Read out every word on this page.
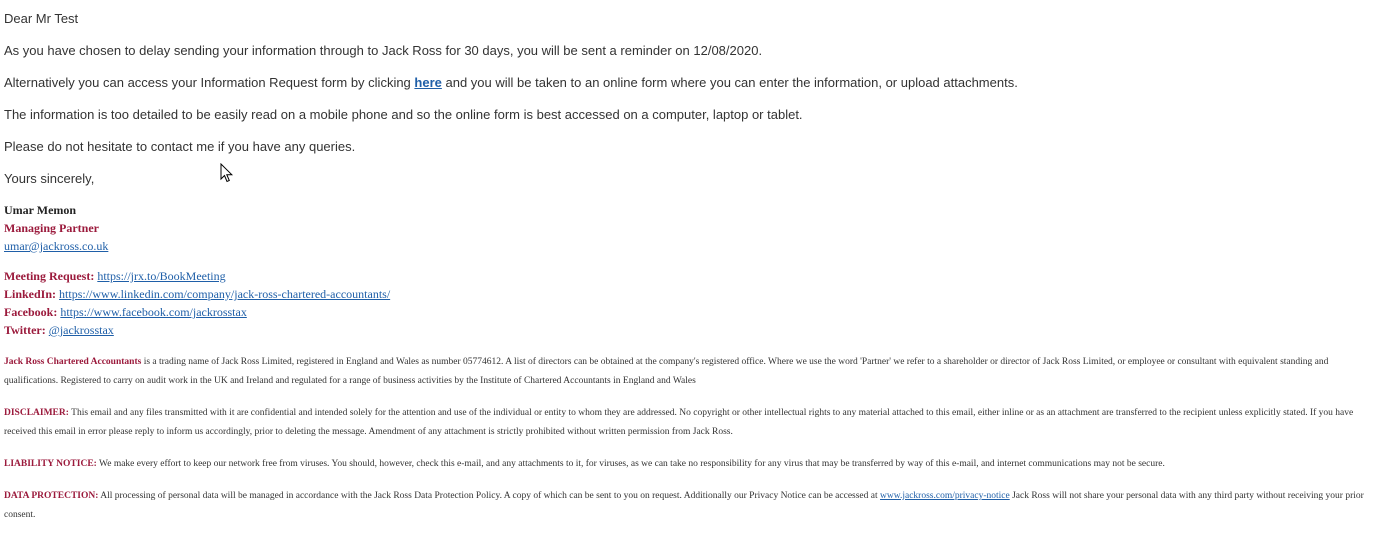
Dear Mr Test

As you have chosen to delay sending your information through to Jack Ross for 30 days, you will be sent a reminder on 12/08/2020.

Alternatively you can access your Information Request form by clicking here and you will be taken to an online form where you can enter the information, or upload attachments.

The information is too detailed to be easily read on a mobile phone and so the online form is best accessed on a computer, laptop or tablet.

Please do not hesitate to contact me if you have any queries.

Yours sincerely,

Umar Memon
Managing Partner
umar@jackross.co.uk
Meeting Request: https://jrx.to/BookMeeting
LinkedIn: https://www.linkedin.com/company/jack-ross-chartered-accountants/
Facebook: https://www.facebook.com/jackrosstax
Twitter: @jackrosstax
Jack Ross Chartered Accountants is a trading name of Jack Ross Limited, registered in England and Wales as number 05774612. A list of directors can be obtained at the company's registered office. Where we use the word 'Partner' we refer to a shareholder or director of Jack Ross Limited, or employee or consultant with equivalent standing and qualifications. Registered to carry on audit work in the UK and Ireland and regulated for a range of business activities by the Institute of Chartered Accountants in England and Wales
DISCLAIMER: This email and any files transmitted with it are confidential and intended solely for the attention and use of the individual or entity to whom they are addressed. No copyright or other intellectual rights to any material attached to this email, either inline or as an attachment are transferred to the recipient unless explicitly stated. If you have received this email in error please reply to inform us accordingly, prior to deleting the message. Amendment of any attachment is strictly prohibited without written permission from Jack Ross.
LIABILITY NOTICE: We make every effort to keep our network free from viruses. You should, however, check this e-mail, and any attachments to it, for viruses, as we can take no responsibility for any virus that may be transferred by way of this e-mail, and internet communications may not be secure.
DATA PROTECTION: All processing of personal data will be managed in accordance with the Jack Ross Data Protection Policy. A copy of which can be sent to you on request. Additionally our Privacy Notice can be accessed at www.jackross.com/privacy-notice Jack Ross will not share your personal data with any third party without receiving your prior consent.
